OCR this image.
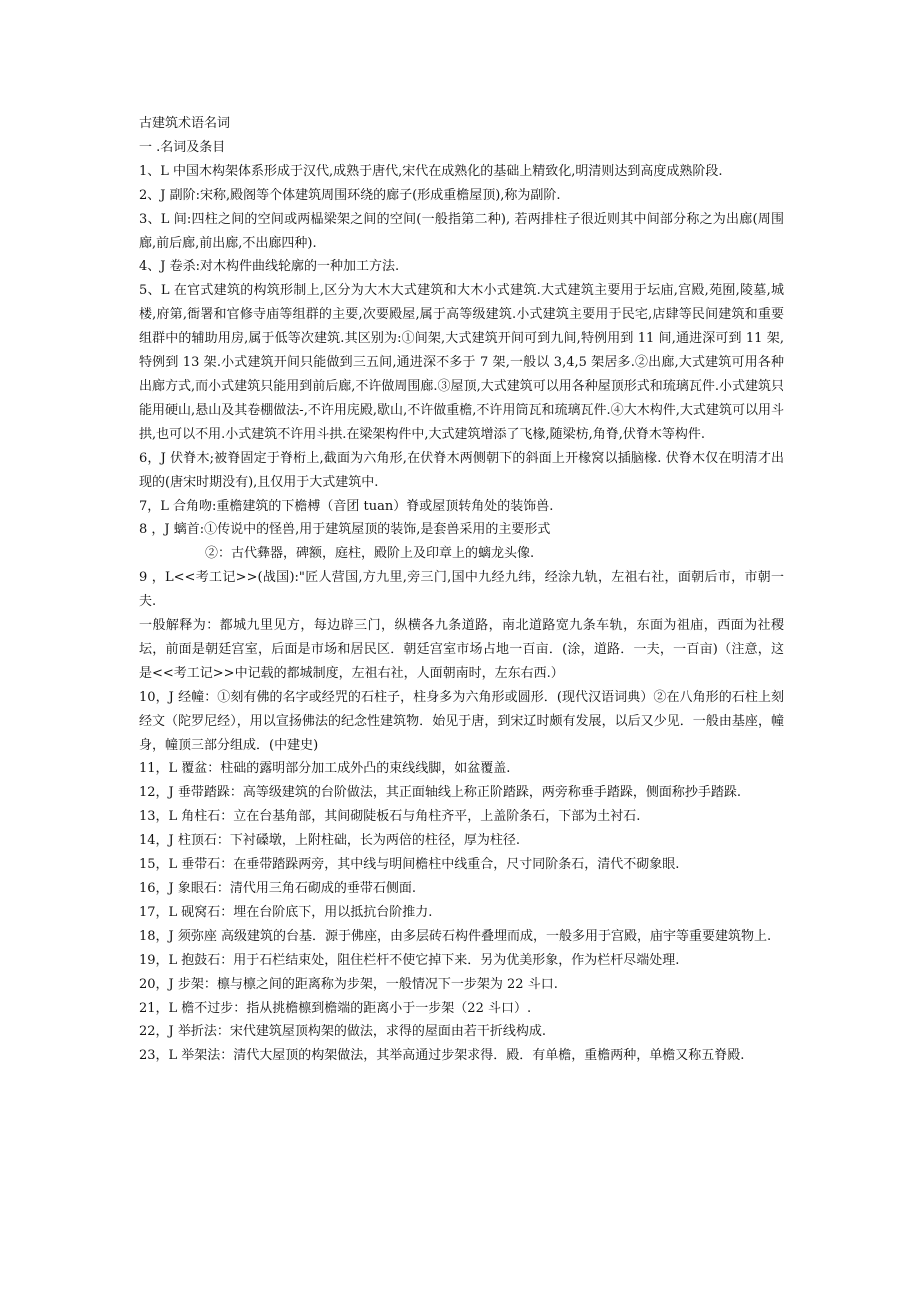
古建筑术语名词

一 .名词及条目

1、L 中国木构架体系形成于汉代,成熟于唐代,宋代在成熟化的基础上精致化,明清则达到高度成熟阶段.

2、J 副阶:宋称,殿阁等个体建筑周围环绕的廊子(形成重檐屋顶),称为副阶.

3、L 间:四柱之间的空间或两榀梁架之间的空间(一般指第二种), 若两排柱子很近则其中间部分称之为出廊(周围廊,前后廊,前出廊,不出廊四种).

4、J 卷杀:对木构件曲线轮廓的一种加工方法.

5、L 在官式建筑的构筑形制上,区分为大木大式建筑和大木小式建筑.大式建筑主要用于坛庙,宫殿,苑囿,陵墓,城楼,府第,衙署和官修寺庙等组群的主要,次要殿屋,属于高等级建筑.小式建筑主要用于民宅,店肆等民间建筑和重要组群中的辅助用房,属于低等次建筑.其区别为:①间架,大式建筑开间可到九间,特例用到 11 间,通进深可到 11 架,特例到 13 架.小式建筑开间只能做到三五间,通进深不多于 7 架,一般以 3,4,5 架居多.②出廊,大式建筑可用各种出廊方式,而小式建筑只能用到前后廊,不许做周围廊.③屋顶,大式建筑可以用各种屋顶形式和琉璃瓦件.小式建筑只能用硬山,悬山及其卷棚做法-,不许用庑殿,歇山,不许做重檐,不许用筒瓦和琉璃瓦件.④大木构件,大式建筑可以用斗拱,也可以不用.小式建筑不许用斗拱.在梁架构件中,大式建筑增添了飞椽,随梁枋,角脊,伏脊木等构件.

6，J 伏脊木;被脊固定于脊桁上,截面为六角形,在伏脊木两侧朝下的斜面上开椽窝以插脑椽. 伏脊木仅在明清才出现的(唐宋时期没有),且仅用于大式建筑中.

7，L 合角吻:重檐建筑的下檐榑（音团 tuan）脊或屋顶转角处的装饰兽.

8 ，J 螭首:①传说中的怪兽,用于建筑屋顶的装饰,是套兽采用的主要形式

②：古代彝器，碑额，庭柱，殿阶上及印章上的螭龙头像.

9 ，L<<考工记>>(战国):"匠人营国,方九里,旁三门,国中九经九纬，经涂九轨，左祖右社，面朝后市，市朝一夫.

一般解释为：都城九里见方，每边辟三门，纵横各九条道路，南北道路宽九条车轨，东面为祖庙，西面为社稷坛，前面是朝廷宫室，后面是市场和居民区．朝廷宫室市场占地一百亩．(涂，道路．一夫，一百亩)（注意，这是<<考工记>>中记载的都城制度，左祖右社，人面朝南时，左东右西.）

10，J 经幢：①刻有佛的名字或经咒的石柱子，柱身多为六角形或圆形．(现代汉语词典）②在八角形的石柱上刻经文（陀罗尼经），用以宣扬佛法的纪念性建筑物．始见于唐，到宋辽时颇有发展，以后又少见．一般由基座，幢身，幢顶三部分组成．(中建史)

11，L 覆盆：柱础的露明部分加工成外凸的束线线脚，如盆覆盖.

12，J 垂带踏跺：高等级建筑的台阶做法，其正面轴线上称正阶踏跺，两旁称垂手踏跺，侧面称抄手踏跺.

13，L 角柱石：立在台基角部，其间砌陡板石与角柱齐平，上盖阶条石，下部为土衬石.

14，J 柱顶石：下衬磉墩，上附柱础，长为两倍的柱径，厚为柱径.

15，L 垂带石：在垂带踏跺两旁，其中线与明间檐柱中线重合，尺寸同阶条石，清代不砌象眼.

16，J 象眼石：清代用三角石砌成的垂带石侧面.

17，L 砚窝石：埋在台阶底下，用以抵抗台阶推力.

18，J 须弥座 高级建筑的台基．源于佛座，由多层砖石构件叠埋而成，一般多用于宫殿，庙宇等重要建筑物上.

19，L 抱鼓石：用于石栏结束处，阻住栏杆不使它掉下来．另为优美形象，作为栏杆尽端处理.

20，J 步架：檩与檩之间的距离称为步架，一般情况下一步架为 22 斗口.

21，L 檐不过步：指从挑檐檩到檐端的距离小于一步架（22 斗口）.

22，J 举折法：宋代建筑屋顶构架的做法，求得的屋面由若干折线构成.

23，L 举架法：清代大屋顶的构架做法，其举高通过步架求得．殿．有单檐，重檐两种，单檐又称五脊殿.
